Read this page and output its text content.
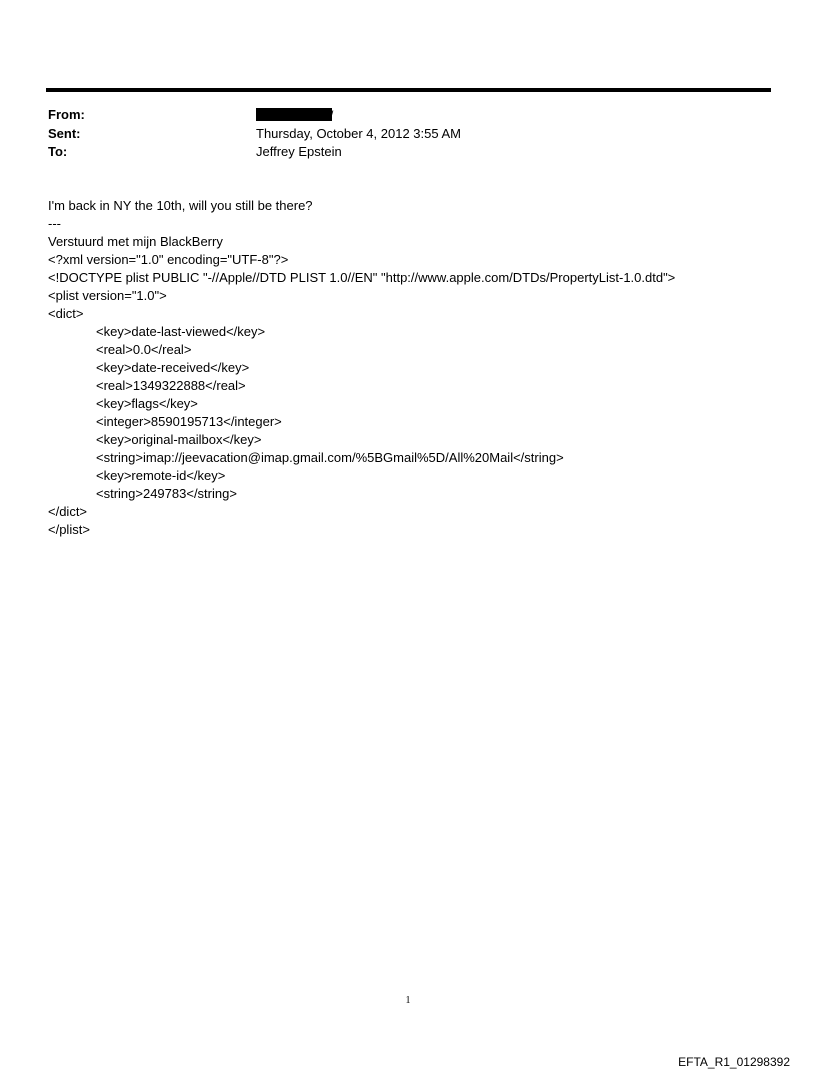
From:	/
Sent:	Thursday, October 4, 2012 3:55 AM
To:	Jeffrey Epstein
I'm back in NY the 10th, will you still be there?
---
Verstuurd met mijn BlackBerry
<?xml version="1.0" encoding="UTF-8"?>
<!DOCTYPE plist PUBLIC "-//Apple//DTD PLIST 1.0//EN" "http://www.apple.com/DTDs/PropertyList-1.0.dtd">
<plist version="1.0">
<dict>
<key>date-last-viewed</key>
<real>0.0</real>
<key>date-received</key>
<real>1349322888</real>
<key>flags</key>
<integer>8590195713</integer>
<key>original-mailbox</key>
<string>imap://jeevacation@imap.gmail.com/%5BGmail%5D/All%20Mail</string>
<key>remote-id</key>
<string>249783</string>
</dict>
</plist>
1
EFTA_R1_01298392
